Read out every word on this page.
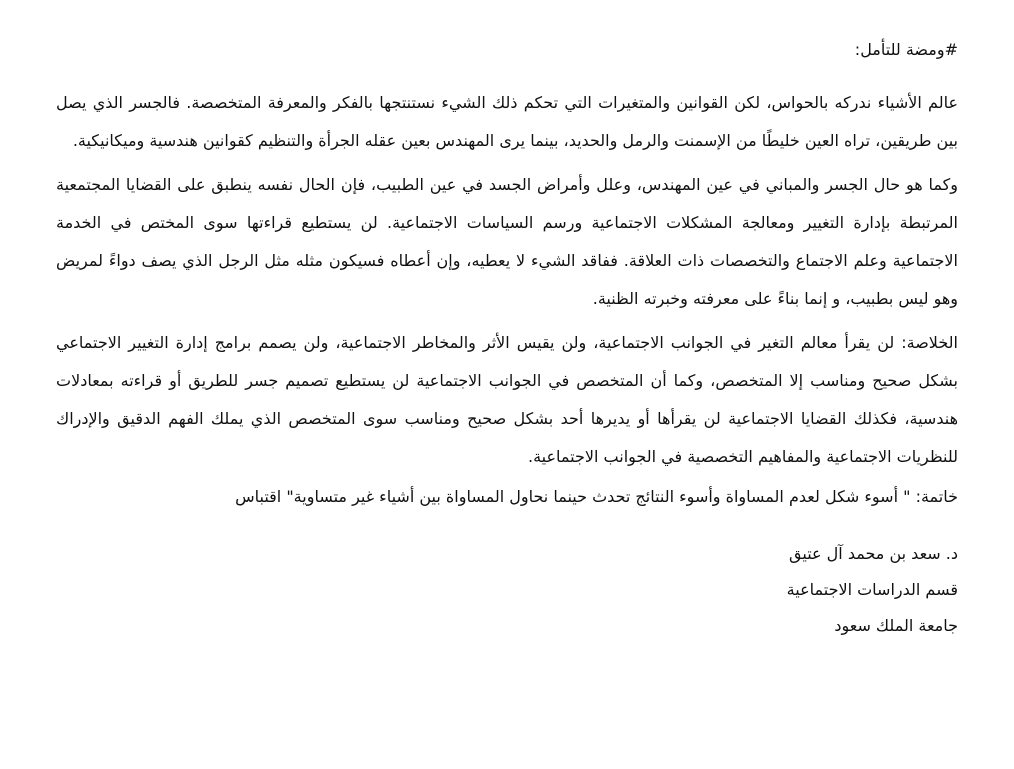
#ومضة للتأمل:

عالم الأشياء ندركه بالحواس، لكن القوانين والمتغيرات التي تحكم ذلك الشيء نستنتجها بالفكر والمعرفة المتخصصة. فالجسر الذي يصل بين طريقين، تراه العين خليطًا من الإسمنت والرمل والحديد، بينما يرى المهندس بعين عقله الجرأة والتنظيم كقوانين هندسية وميكانيكية.

وكما هو حال الجسر والمباني في عين المهندس، وعلل وأمراض الجسد في عين الطبيب، فإن الحال نفسه ينطبق على القضايا المجتمعية المرتبطة بإدارة التغيير ومعالجة المشكلات الاجتماعية ورسم السياسات الاجتماعية. لن يستطيع قراءتها سوى المختص في الخدمة الاجتماعية وعلم الاجتماع والتخصصات ذات العلاقة. ففاقد الشيء لا يعطيه، وإن أعطاه فسيكون مثله مثل الرجل الذي يصف دواءً لمريض وهو ليس بطبيب، و إنما بناءً على معرفته وخبرته الظنية.

الخلاصة: لن يقرأ معالم التغير في الجوانب الاجتماعية، ولن يقيس الأثر والمخاطر الاجتماعية، ولن يصمم برامج إدارة التغيير الاجتماعي بشكل صحيح ومناسب إلا المتخصص، وكما أن المتخصص في الجوانب الاجتماعية لن يستطيع تصميم جسر للطريق أو قراءته بمعادلات هندسية، فكذلك القضايا الاجتماعية لن يقرأها أو يديرها أحد بشكل صحيح ومناسب سوى المتخصص الذي يملك الفهم الدقيق والإدراك للنظريات الاجتماعية والمفاهيم التخصصية في الجوانب الاجتماعية.

خاتمة: " أسوء شكل لعدم المساواة وأسوء النتائج تحدث حينما نحاول المساواة بين أشياء غير متساوية" اقتباس
د. سعد بن محمد آل عتيق
قسم الدراسات الاجتماعية
جامعة الملك سعود
